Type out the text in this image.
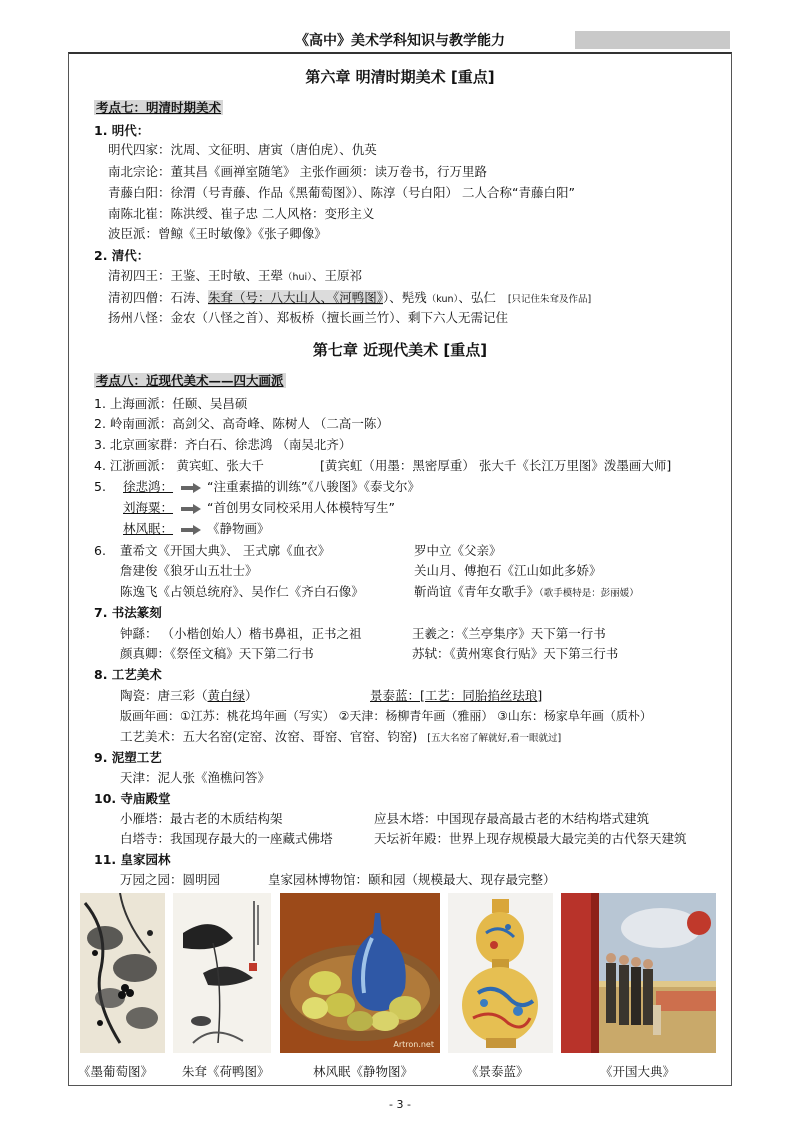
《高中》美术学科知识与教学能力
第六章 明清时期美术 [重点]
考点七：明清时期美术
1. 明代：
明代四家：沈周、文征明、唐寅（唐伯虎）、仇英
南北宗论：董其昌《画禅室随笔》 主张作画须：读万卷书，行万里路
青藤白阳：徐渭（号青藤、作品《黑葡萄图》）、陈淳（号白阳） 二人合称“青藤白阳”
南陈北崔：陈洪绶、崔子忠 二人风格：变形主义
波臣派：曾鲸《王时敏像》《张子卿像》
2. 清代：
清初四王：王鉴、王时敏、王翚（hui）、王原祁
清初四僧：石涛、朱耷（号：八大山人、《河鸭图》）、髡残（kun）、弘仁 [只记住朱耷及作品]
扬州八怪：金农（八怪之首）、郑板桥（擅长画兰竹）、剩下六人无需记住
第七章 近现代美术 [重点]
考点八：近现代美术——四大画派
1. 上海画派：任颐、吴昌硕
2. 岭南画派：高剑父、高奇峰、陈树人 （二高一陈）
3. 北京画家群：齐白石、徐悲鸿 （南吴北齐）
4. 江浙画派： 黄宾虹、张大千	[黄宾虹（用墨：黑密厚重） 张大千《长江万里图》泼墨画大师]
5. 徐悲鸿：	“注重素描的训练”《八骏图》《泰戈尔》
刘海粟：	“首创男女同校采用人体模特写生”
林风眠：	《静物画》
6. 董希文《开国大典》、 王式廓《血衣》	罗中立《父亲》
詹建俊《狼牙山五壮士》	关山月、傅抱石《江山如此多娇》
陈逸飞《占领总统府》、吴作仁《齐白石像》	靳尚谊《青年女歌手》（歌手模特是：彭丽媛）
7. 书法篆刻
钟繇： （小楷创始人）楷书鼻祖，正书之祖	王羲之：《兰亭集序》天下第一行书
颜真卿：《祭侄文稿》天下第二行书	苏轼：《黄州寒食行贴》天下第三行书
8. 工艺美术
陶瓷：唐三彩（黄白绿）	景泰蓝：[工艺：同胎掐丝珐琅]
版画年画：①江苏：桃花坞年画（写实） ②天津：杨柳青年画（雅丽） ③山东：杨家阜年画（质朴）
工艺美术：五大名窑(定窑、汝窑、哥窑、官窑、钧窑) [五大名窑了解就好,看一眼就过]
9. 泥塑工艺
天津：泥人张《渔樵问答》
10. 寺庙殿堂
小雁塔：最古老的木质结构架	应县木塔：中国现存最高最古老的木结构塔式建筑
白塔寺：我国现存最大的一座藏式佛塔	天坛祈年殿：世界上现存规模最大最完美的古代祭天建筑
11. 皇家园林
万园之园：圆明园	皇家园林博物馆：颐和园（规模最大、现存最完整）
Artron.net
《墨葡萄图》 朱耷《荷鸭图》	林风眠《静物图》	《景泰蓝》	《开国大典》
- 3 -
